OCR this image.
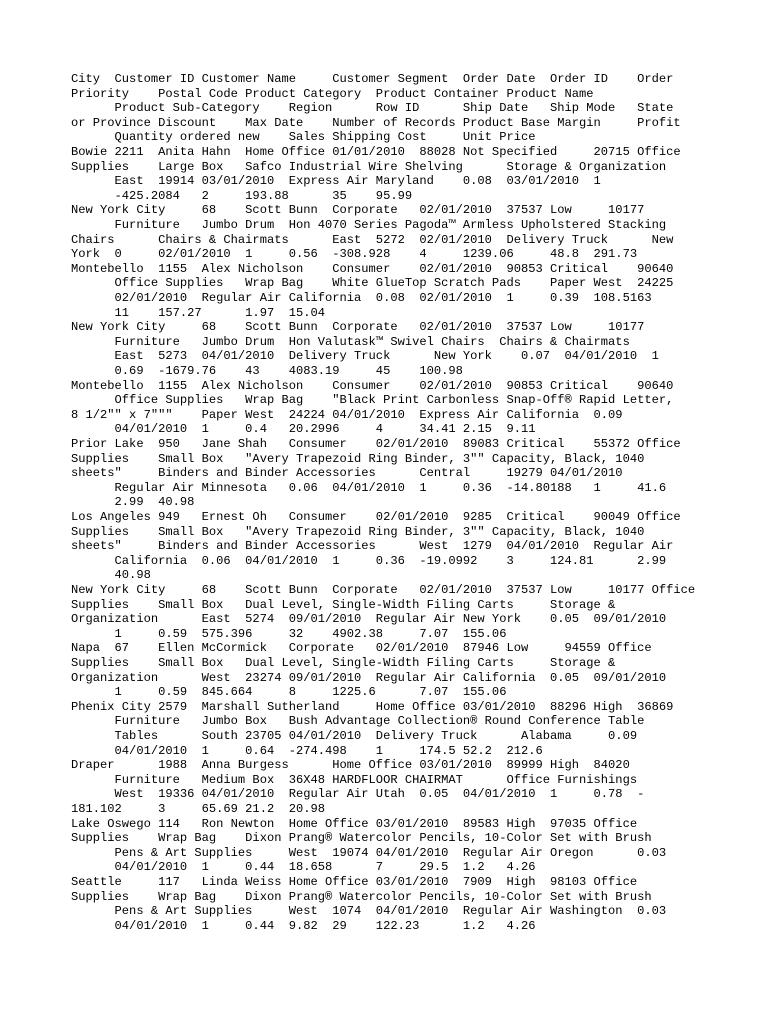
City  Customer ID Customer Name     Customer Segment  Order Date  Order ID    Order
Priority    Postal Code Product Category  Product Container Product Name
Product Sub-Category    Region      Row ID      Ship Date   Ship Mode   State
or Province Discount    Max Date    Number of Records Product Base Margin     Profit
Quantity ordered new    Sales Shipping Cost     Unit Price
Bowie 2211  Anita Hahn  Home Office 01/01/2010  88028 Not Specified     20715 Office
Supplies    Large Box   Safco Industrial Wire Shelving      Storage & Organization
East  19914 03/01/2010  Express Air Maryland    0.08  03/01/2010  1
-425.2084   2     193.88      35    95.99
New York City     68    Scott Bunn  Corporate   02/01/2010  37537 Low     10177
Furniture   Jumbo Drum  Hon 4070 Series Pagoda™ Armless Upholstered Stacking
Chairs      Chairs & Chairmats      East  5272  02/01/2010  Delivery Truck      New
York  0     02/01/2010  1     0.56  -308.928    4     1239.06     48.8  291.73
Montebello  1155  Alex Nicholson    Consumer    02/01/2010  90853 Critical    90640
Office Supplies   Wrap Bag    White GlueTop Scratch Pads    Paper West  24225
02/01/2010  Regular Air California  0.08  02/01/2010  1     0.39  108.5163
11    157.27      1.97  15.04
New York City     68    Scott Bunn  Corporate   02/01/2010  37537 Low     10177
Furniture   Jumbo Drum  Hon Valutask™ Swivel Chairs  Chairs & Chairmats
East  5273  04/01/2010  Delivery Truck      New York    0.07  04/01/2010  1
0.69  -1679.76    43    4083.19     45    100.98
Montebello  1155  Alex Nicholson    Consumer    02/01/2010  90853 Critical    90640
Office Supplies   Wrap Bag    "Black Print Carbonless Snap-Off® Rapid Letter,
8 1/2"" x 7"""    Paper West  24224 04/01/2010  Express Air California  0.09
04/01/2010  1     0.4   20.2996     4     34.41 2.15  9.11
Prior Lake  950   Jane Shah   Consumer    02/01/2010  89083 Critical    55372 Office
Supplies    Small Box   "Avery Trapezoid Ring Binder, 3"" Capacity, Black, 1040
sheets"     Binders and Binder Accessories      Central     19279 04/01/2010
Regular Air Minnesota   0.06  04/01/2010  1     0.36  -14.80188   1     41.6
2.99  40.98
Los Angeles 949   Ernest Oh   Consumer    02/01/2010  9285  Critical    90049 Office
Supplies    Small Box   "Avery Trapezoid Ring Binder, 3"" Capacity, Black, 1040
sheets"     Binders and Binder Accessories      West  1279  04/01/2010  Regular Air
California  0.06  04/01/2010  1     0.36  -19.0992    3     124.81      2.99
40.98
New York City     68    Scott Bunn  Corporate   02/01/2010  37537 Low     10177 Office
Supplies    Small Box   Dual Level, Single-Width Filing Carts     Storage &
Organization      East  5274  09/01/2010  Regular Air New York    0.05  09/01/2010
1     0.59  575.396     32    4902.38     7.07  155.06
Napa  67    Ellen McCormick   Corporate   02/01/2010  87946 Low     94559 Office
Supplies    Small Box   Dual Level, Single-Width Filing Carts     Storage &
Organization      West  23274 09/01/2010  Regular Air California  0.05  09/01/2010
1     0.59  845.664     8     1225.6      7.07  155.06
Phenix City 2579  Marshall Sutherland     Home Office 03/01/2010  88296 High  36869
Furniture   Jumbo Box   Bush Advantage Collection® Round Conference Table
Tables      South 23705 04/01/2010  Delivery Truck      Alabama     0.09
04/01/2010  1     0.64  -274.498    1     174.5 52.2  212.6
Draper      1988  Anna Burgess      Home Office 03/01/2010  89999 High  84020
Furniture   Medium Box  36X48 HARDFLOOR CHAIRMAT      Office Furnishings
West  19336 04/01/2010  Regular Air Utah  0.05  04/01/2010  1     0.78  -
181.102     3     65.69 21.2  20.98
Lake Oswego 114   Ron Newton  Home Office 03/01/2010  89583 High  97035 Office
Supplies    Wrap Bag    Dixon Prang® Watercolor Pencils, 10-Color Set with Brush
Pens & Art Supplies     West  19074 04/01/2010  Regular Air Oregon      0.03
04/01/2010  1     0.44  18.658      7     29.5  1.2   4.26
Seattle     117   Linda Weiss Home Office 03/01/2010  7909  High  98103 Office
Supplies    Wrap Bag    Dixon Prang® Watercolor Pencils, 10-Color Set with Brush
Pens & Art Supplies     West  1074  04/01/2010  Regular Air Washington  0.03
04/01/2010  1     0.44  9.82  29    122.23      1.2   4.26
